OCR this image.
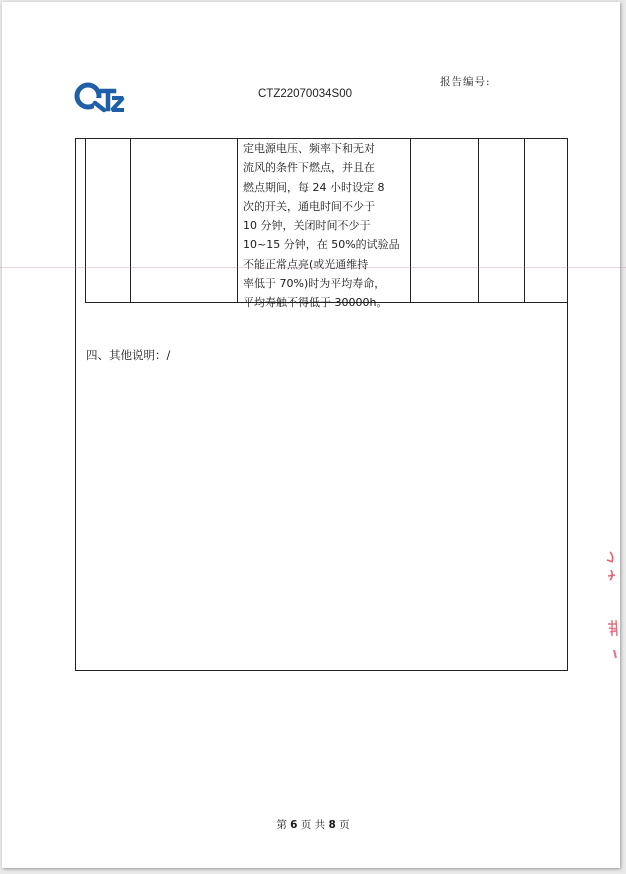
报告编号:
CTZ22070034S00
定电源电压、频率下和无对
流风的条件下燃点，并且在
燃点期间，每 24 小时设定 8
次的开关，通电时间不少于
10 分钟，关闭时间不少于
10~15 分钟，在 50%的试验品
不能正常点亮(或光通维持
率低于 70%)时为平均寿命，
平均寿触不得低于 30000h。
四、其他说明：/
第 6 页 共 8 页
